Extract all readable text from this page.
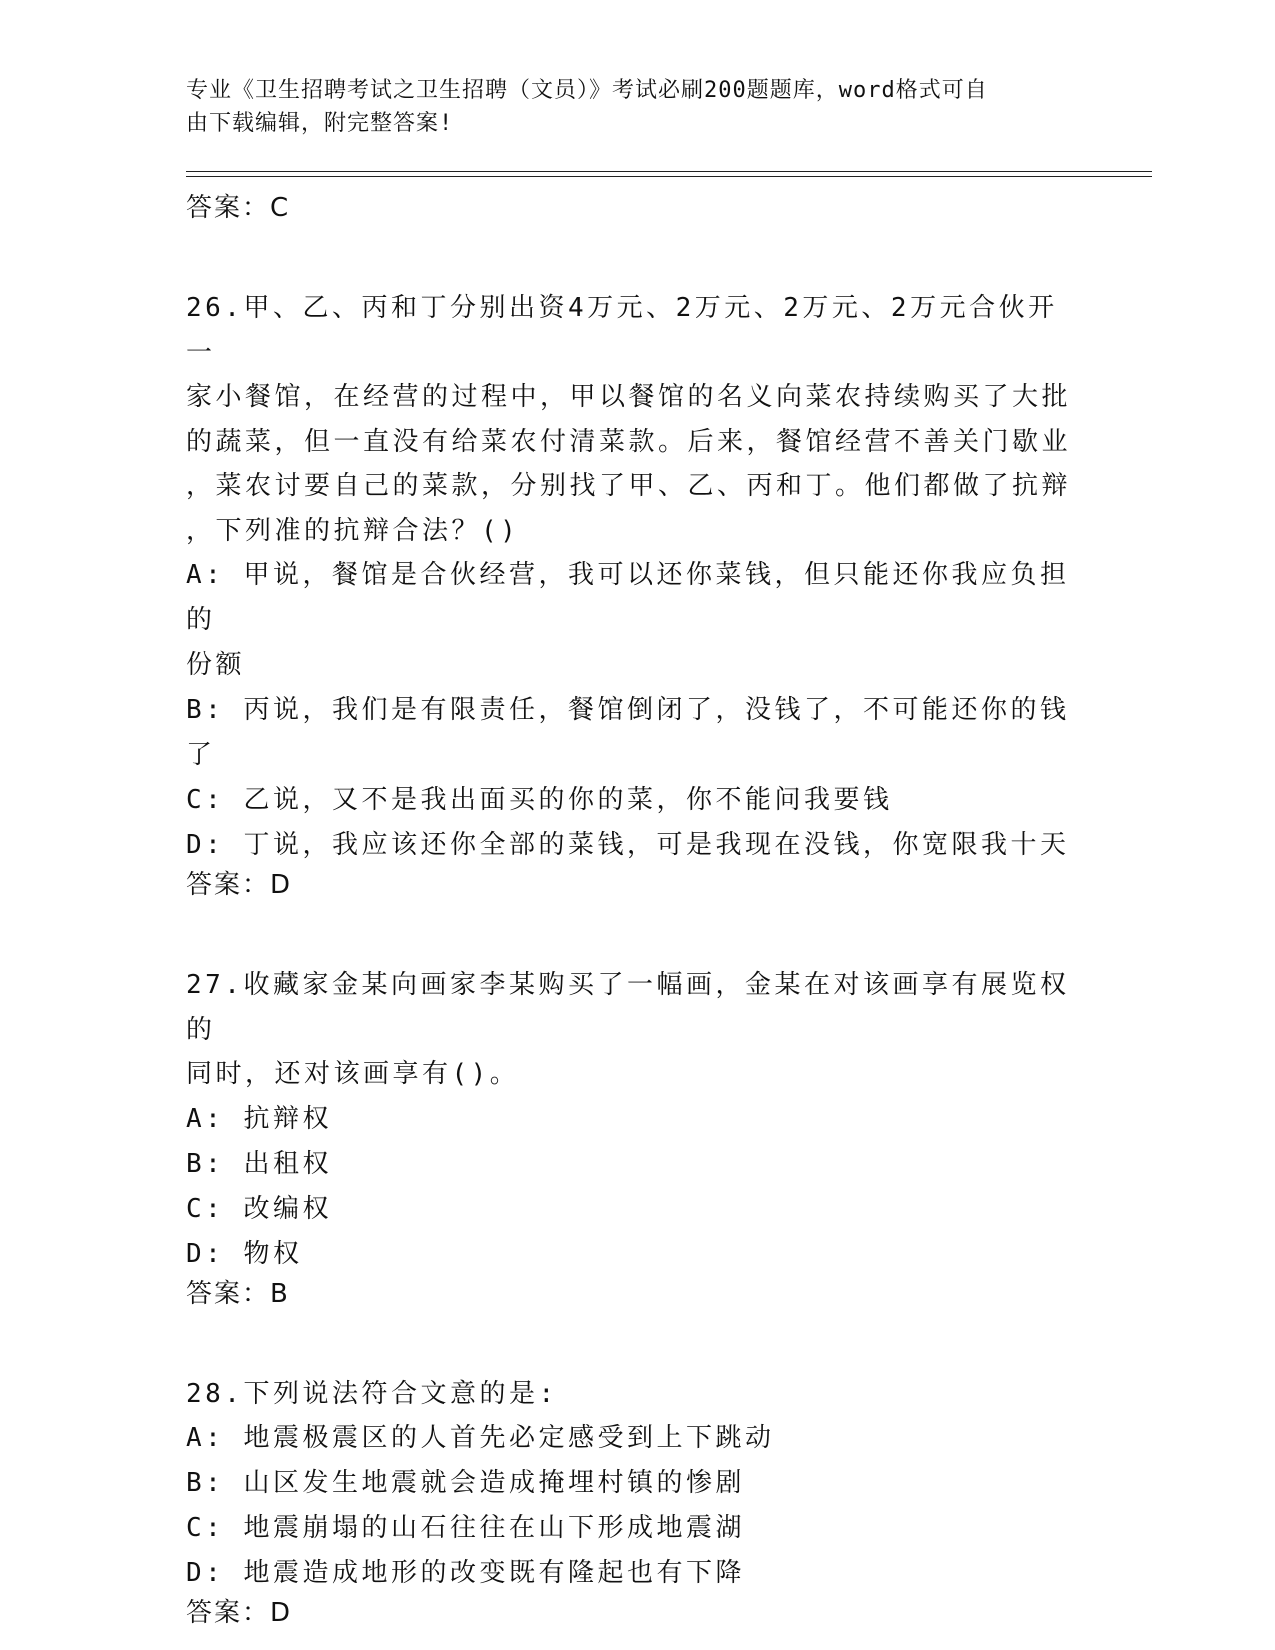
专业《卫生招聘考试之卫生招聘（文员）》考试必刷200题题库，word格式可自
由下载编辑，附完整答案!
答案：C
26.甲、乙、丙和丁分别出资4万元、2万元、2万元、2万元合伙开一
家小餐馆，在经营的过程中，甲以餐馆的名义向菜农持续购买了大批
的蔬菜，但一直没有给菜农付清菜款。后来，餐馆经营不善关门歇业
，菜农讨要自己的菜款，分别找了甲、乙、丙和丁。他们都做了抗辩
，下列准的抗辩合法？()
A: 甲说，餐馆是合伙经营，我可以还你菜钱，但只能还你我应负担的
份额
B: 丙说，我们是有限责任，餐馆倒闭了，没钱了，不可能还你的钱了
C: 乙说，又不是我出面买的你的菜，你不能问我要钱
D: 丁说，我应该还你全部的菜钱，可是我现在没钱，你宽限我十天
答案：D
27.收藏家金某向画家李某购买了一幅画，金某在对该画享有展览权的
同时，还对该画享有()。
A: 抗辩权
B: 出租权
C: 改编权
D: 物权
答案：B
28.下列说法符合文意的是:
A: 地震极震区的人首先必定感受到上下跳动
B: 山区发生地震就会造成掩埋村镇的惨剧
C: 地震崩塌的山石往往在山下形成地震湖
D: 地震造成地形的改变既有隆起也有下降
答案：D
